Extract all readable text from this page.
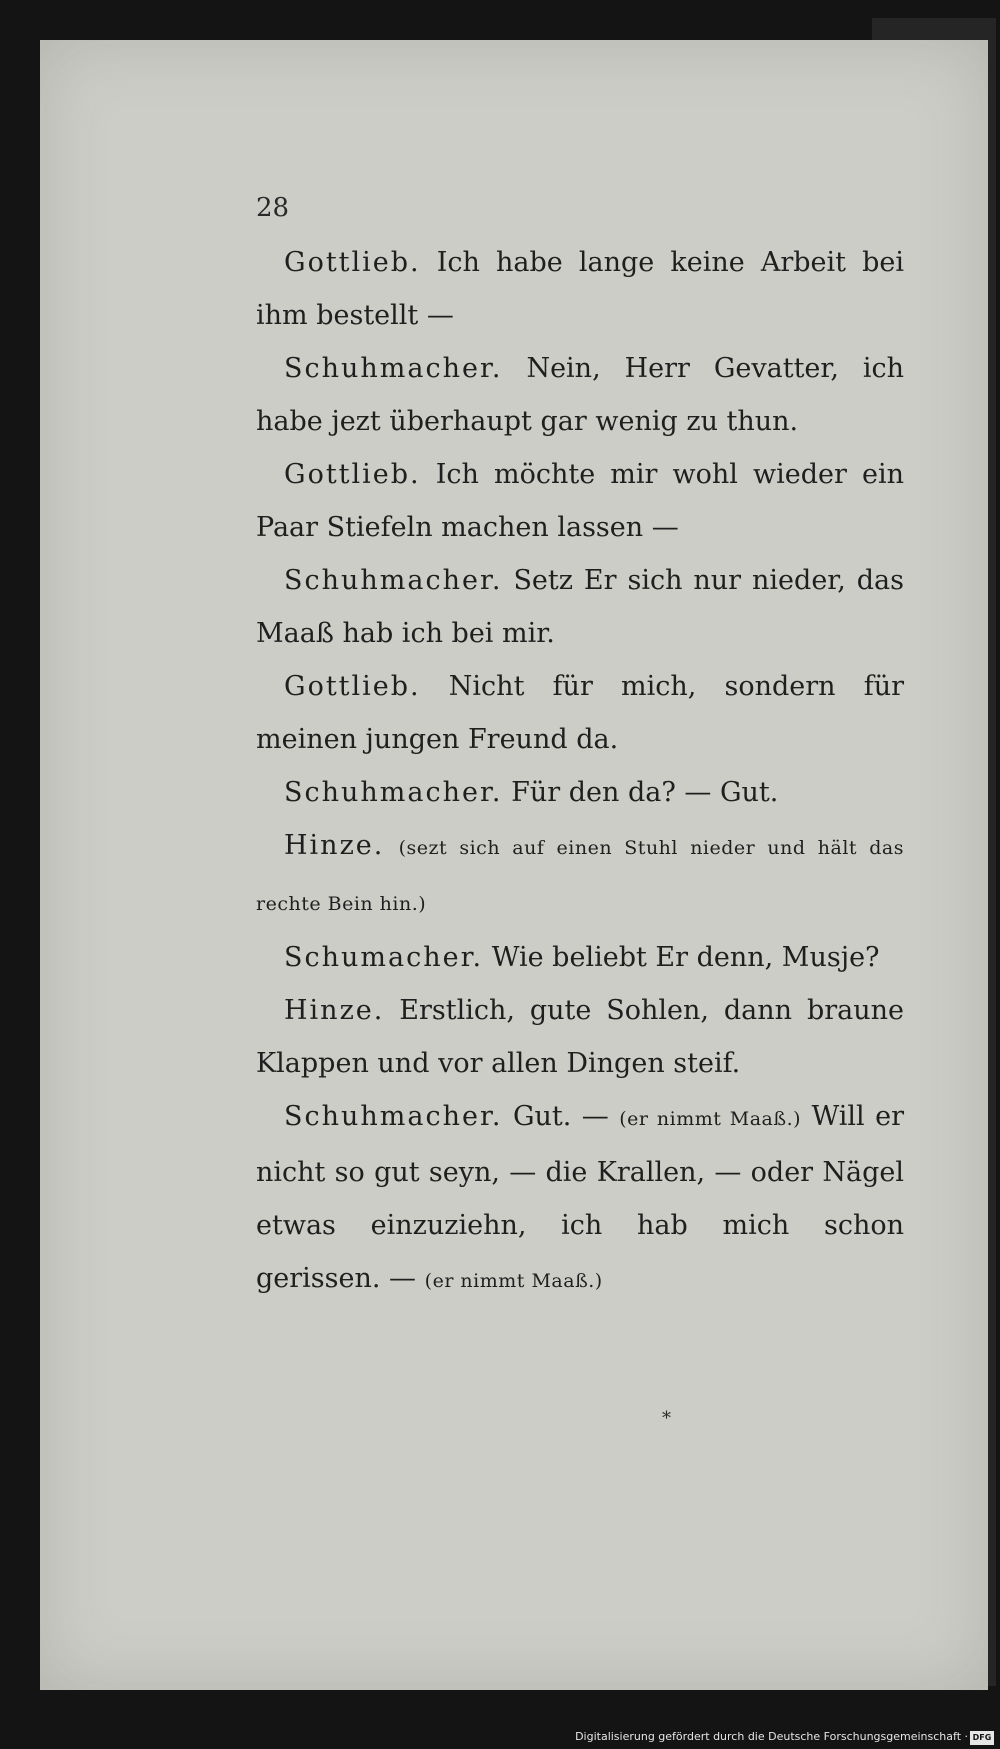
28

Gottlieb. Ich habe lange keine Arbeit bei ihm bestellt —

Schuhmacher. Nein, Herr Gevatter, ich habe jezt überhaupt gar wenig zu thun.

Gottlieb. Ich möchte mir wohl wieder ein Paar Stiefeln machen lassen —

Schuhmacher. Setz Er sich nur nieder, das Maaß hab ich bei mir.

Gottlieb. Nicht für mich, sondern für meinen jungen Freund da.

Schuhmacher. Für den da? — Gut.

Hinze. (sezt sich auf einen Stuhl nieder und hält das rechte Bein hin.)

Schumacher. Wie beliebt Er denn, Musje?

Hinze. Erstlich, gute Sohlen, dann braune Klappen und vor allen Dingen steif.

Schuhmacher. Gut. — (er nimmt Maaß.) Will er nicht so gut seyn, — die Krallen, — oder Nägel etwas einzuziehn, ich hab mich schon gerissen. — (er nimmt Maaß.)

*
Digitalisierung gefördert durch die Deutsche Forschungsgemeinschaft · DFG
